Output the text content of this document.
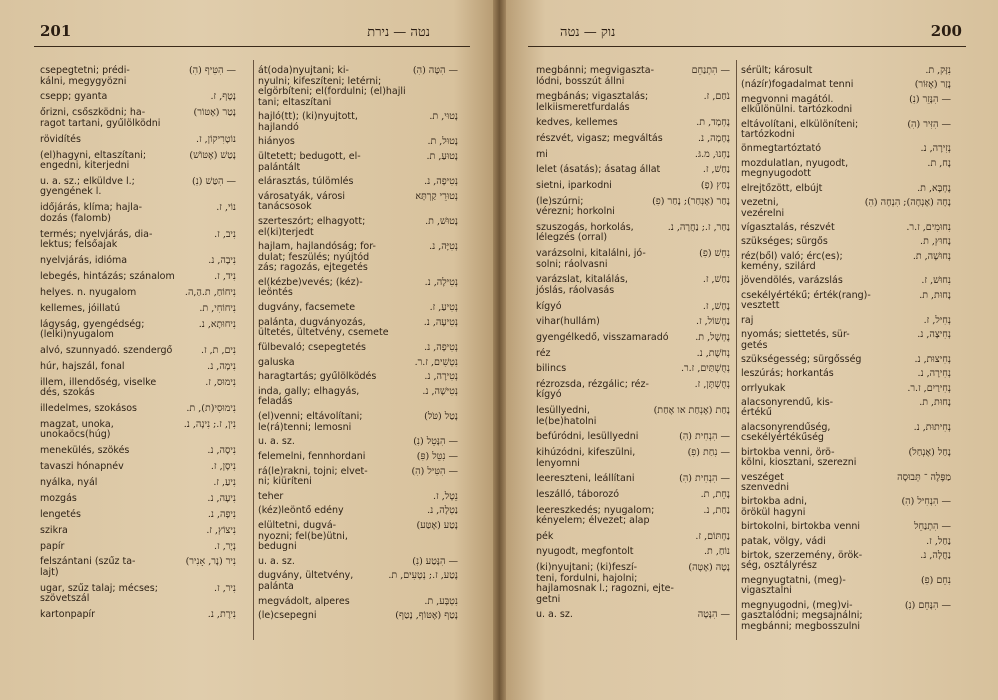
201	נטה — נירת
csepegtetni; prédi-
kálni, megygyözni
— הִטִּיף (הִ)
csepp; gyanta	נָטָף, ז.
őrizni, csőszködni; ha-
ragot tartani, gyűlölködni
נָטַר (אָטּוֹר)
rövidítés	נוֹטָרִיקוֹן, ז.
(el)hagyni, eltaszítani;
engedni, kiterjedni
נָטַשׁ (אֶטּוֹשׁ)
u. a. sz.; elküldve l.;
gyengének l.
— הִטַּשׁ (נִ)
időjárás, klíma; hajla-
dozás (falomb)
נוֹי, ז.
termés; nyelvjárás, dia-
lektus; felsőajak
נִיב, ז.
nyelvjárás, idióma	נִיבָה, נ.
lebegés, hintázás; szánalom	נִיד, ז.
helyes. n. nyugalom	נִיחוֹחַ, ת.הַ,ה.
kellemes, jóillatú	נִיחוֹחִי, ת.
lágyság, gyengédség;
(lelki)nyugalom
נִיחוּתָא, נ.
alvó, szunnyadó. szendergő	נִים, ת, ז.
húr, hajszál, fonal	נִימָה, נ.
illem, illendőség, viselke
dés, szokás
נִימוּס, ז.
illedelmes, szokásos	נִימוּסִי(ת), ת.
magzat, unoka,
unokaöcs(húg)
נִין, ז.; נִינָה, נ.
menekülés, szökés	נִיסָה, נ.
tavaszi hónapnév	נִיסָן, ז.
nyálka, nyál	נִיעַ, ז.
mozgás	נִיעָה, נ.
lengetés	נִיפָה, נ.
szikra	נִיצוֹץ, ז.
papír	נְיָר, ז.
felszántani (szűz ta-
lajt)
נִיר (נָר, אָנִיר)
ugar, szűz talaj; mécses;
szövetszál
נִיר, ז.
kartonpapír	נִירֶת, נ.
át(oda)nyujtani; ki-
nyulni; kifeszíteni; letérni;
elgörbíteni; el(fordulni; (el)hajli
tani; eltaszítani
— הִטָּה (הִ)
hajló(tt); (ki)nyujtott,
hajlandó
נָטוּי, ת.
hiányos	נָטוּל, ת.
ültetett; bedugott, el-
palántált
נָטוּעַ, ת.
elárasztás, túlömlés	נְטִיפָה, נ.
városatyák, városi
tanácsosok
נְטוּרֵי קַרְתָּא
szerteszórt; elhagyott;
el(ki)terjedt
נָטוּשׁ, ת.
hajlam, hajlandóság; for-
dulat; feszülés; nyújtód
zás; ragozás, ejtegetés
נְטִיָּה, נ.
el(kézbe)vevés; (kéz)-
leöntés
נְטִילָה, נ.
dugvány, facsemete	נְטִיעַ, ז.
palánta, dugványozás,
ültetés, ültetvény, csemete
נְטִיעָה, נ.
fülbevaló; csepegtetés	נְטִיפָה, נ.
galuska	נִטְשִׁים, ז.ר.
haragtartás; gyűlölködés	נְטִירָה, נ.
inda, gally; elhagyás,
feladás
נְטִישָׁה, נ.
(el)venni; eltávolítani;
le(rá)tenni; lemosni
נָטַל (טֹּל)
u. a. sz.	— הִנָּטֵל (נִ)
felemelni, fennhordani	— נִטֵּל (פִּ)
rá(le)rakni, tojni; elvet-
ni; kiüríteni
— הִטִּיל (הִ)
teher	נֵטֶל, ז.
(kéz)leöntő edény	נַטְלָה, נ.
elültetni, dugvá-
nyozni; fel(be)ütni,
bedugni
נָטַע (אֶטַּע)
u. a. sz.	— הִנָּטַע (נִ)
dugvány, ültetvény,
palánta
נֶטַע, ז.; נְטָעִים, ת.
megvádolt, alperes	נִטְבָּע, ת.
(le)csepegni	נָטַף (אֶטּוֹף, נָטַף)
נוק — נטה	200
megbánni; megvigaszta-
lódni, bosszút állni
— הִתְנַחֵם
megbánás; vigasztalás;
lelkiismeretfurdalás
נֹחַם, ז.
kedves, kellemes	נֶחְמָד, ת.
részvét, vigasz; megváltás	נֶחָמָה, נ.
mi	נַחְנוּ, מ.גּ.
lelet (ásatás); ásatag állat	נַחַשׁ, ז.
sietni, iparkodni	נָחַץ (פָ)
(le)szúrni;
vérezni; horkolni
נָחַר (אֶנְחַר); נָחַר (פִ)
szuszogás, horkolás,
lélegzés (orral)
נַחַר, ז.; נַחֲרָה, נ.
varázsolni, kitalálni, jó-
solni; ráolvasni
נִחֵשׁ (פִ)
varázslat, kitalálás,
jóslás, ráolvasás
נַחַשׁ, ז.
kígyó	נָחָשׁ, ז.
vihar(hullám)	נַחְשׁוֹל, ז.
gyengélkedő, visszamaradó	נֶחְשָׁל, ת.
réz	נְחֹשֶׁת, נ.
bilincs	נְחֻשְׁתַּיִם, ז.ר.
rézrozsda, rézgálic; réz-
kígyó
נְחֻשְׁתָּן, ז.
lesüllyedni,
le(be)hatolni
נָחַת (אֶנְחַת או אֶחַת)
befúródni, lesüllyedni	— הִנְחִית (הִ)
kihúzódni, kifeszülni,
lenyomni
— נִחַת (פִ)
leereszteni, leállítani	— הִנְחִית (הִ)
leszálló, táborozó	נָחֵת, ת.
leereszkedés; nyugalom;
kényelem; élvezet; alap
נַחַת, נ.
pék	נַחְתּוֹם, ז.
nyugodt, megfontolt	נוֹחַ, ת.
(ki)nyujtani; (ki)feszí-
teni, fordulni, hajolni;
hajlamosnak l.; ragozni, ejte-
getni
נָטָה (אֶטֶּה)
u. a. sz.	— הִנָּטָה
sérült; károsult	נִזָּק, ת.
(názír)fogadalmat tenni	נָזַר (אֶזּוֹר)
megvonni magától.
elkülönülni. tartózkodni
— הִנָּזֵר (נִ)
eltávolítani, elkülöníteni;
tartózkodni
— הִזִּיר (הִ)
önmegtartóztató	נְזִירָה, נ.
mozdulatlan, nyugodt,
megnyugodott
נָח, ת.
elrejtőzött, elbújt	נֶחְבָּא, ת.
vezetni,
vezérelni
נָחָה (אֶנְחֶה); הִנְחָה (הִ)
vígasztalás, részvét	נִחוּמִים, ז.ר.
szükséges; sürgős	נָחוּץ, ת.
réz(ből) való; érc(es);
kemény, szilárd
נְחוּשָׁה, ת.
jövendölés, varázslás	נִחוּשׁ, ז.
csekélyértékű; érték(rang)-
vesztett
נָחוּת, ת.
raj	נְחִיל, ז.
nyomás; siettetés, sür-
getés
נְחִיצָה, נ.
szükségesség; sürgősség	נְחִיצוּת, נ.
leszúrás; horkantás	נְחִירָה, נ.
orrlyukak	נְחִירַיִם, ז.ר.
alacsonyrendű, kis-
értékű
נָחוּת, ת.
alacsonyrendűség,
csekélyértékűség
נְחִיתוּת, נ.
birtokba venni, örö-
kölni, kiosztani, szerezni
נָחַל (אֶנְחַל)
veszéget
szenvedni
מַפֶּלֶה ־ תְּבוּסָה
birtokba adni,
örökül hagyni
— הִנְחִיל (הִ)
birtokolni, birtokba venni	— הִתְנַחֵל
patak, völgy, vádi	נַחַל, ז.
birtok, szerzemény, örök-
ség, osztályrész
נַחֲלָה, נ.
megnyugtatni, (meg)-
vigasztalni
נִחֵם (פִ)
megnyugodni, (meg)vi-
gasztalódni; megsajnálni;
megbánni; megbosszulni
— הִנָּחֵם (נִ)
